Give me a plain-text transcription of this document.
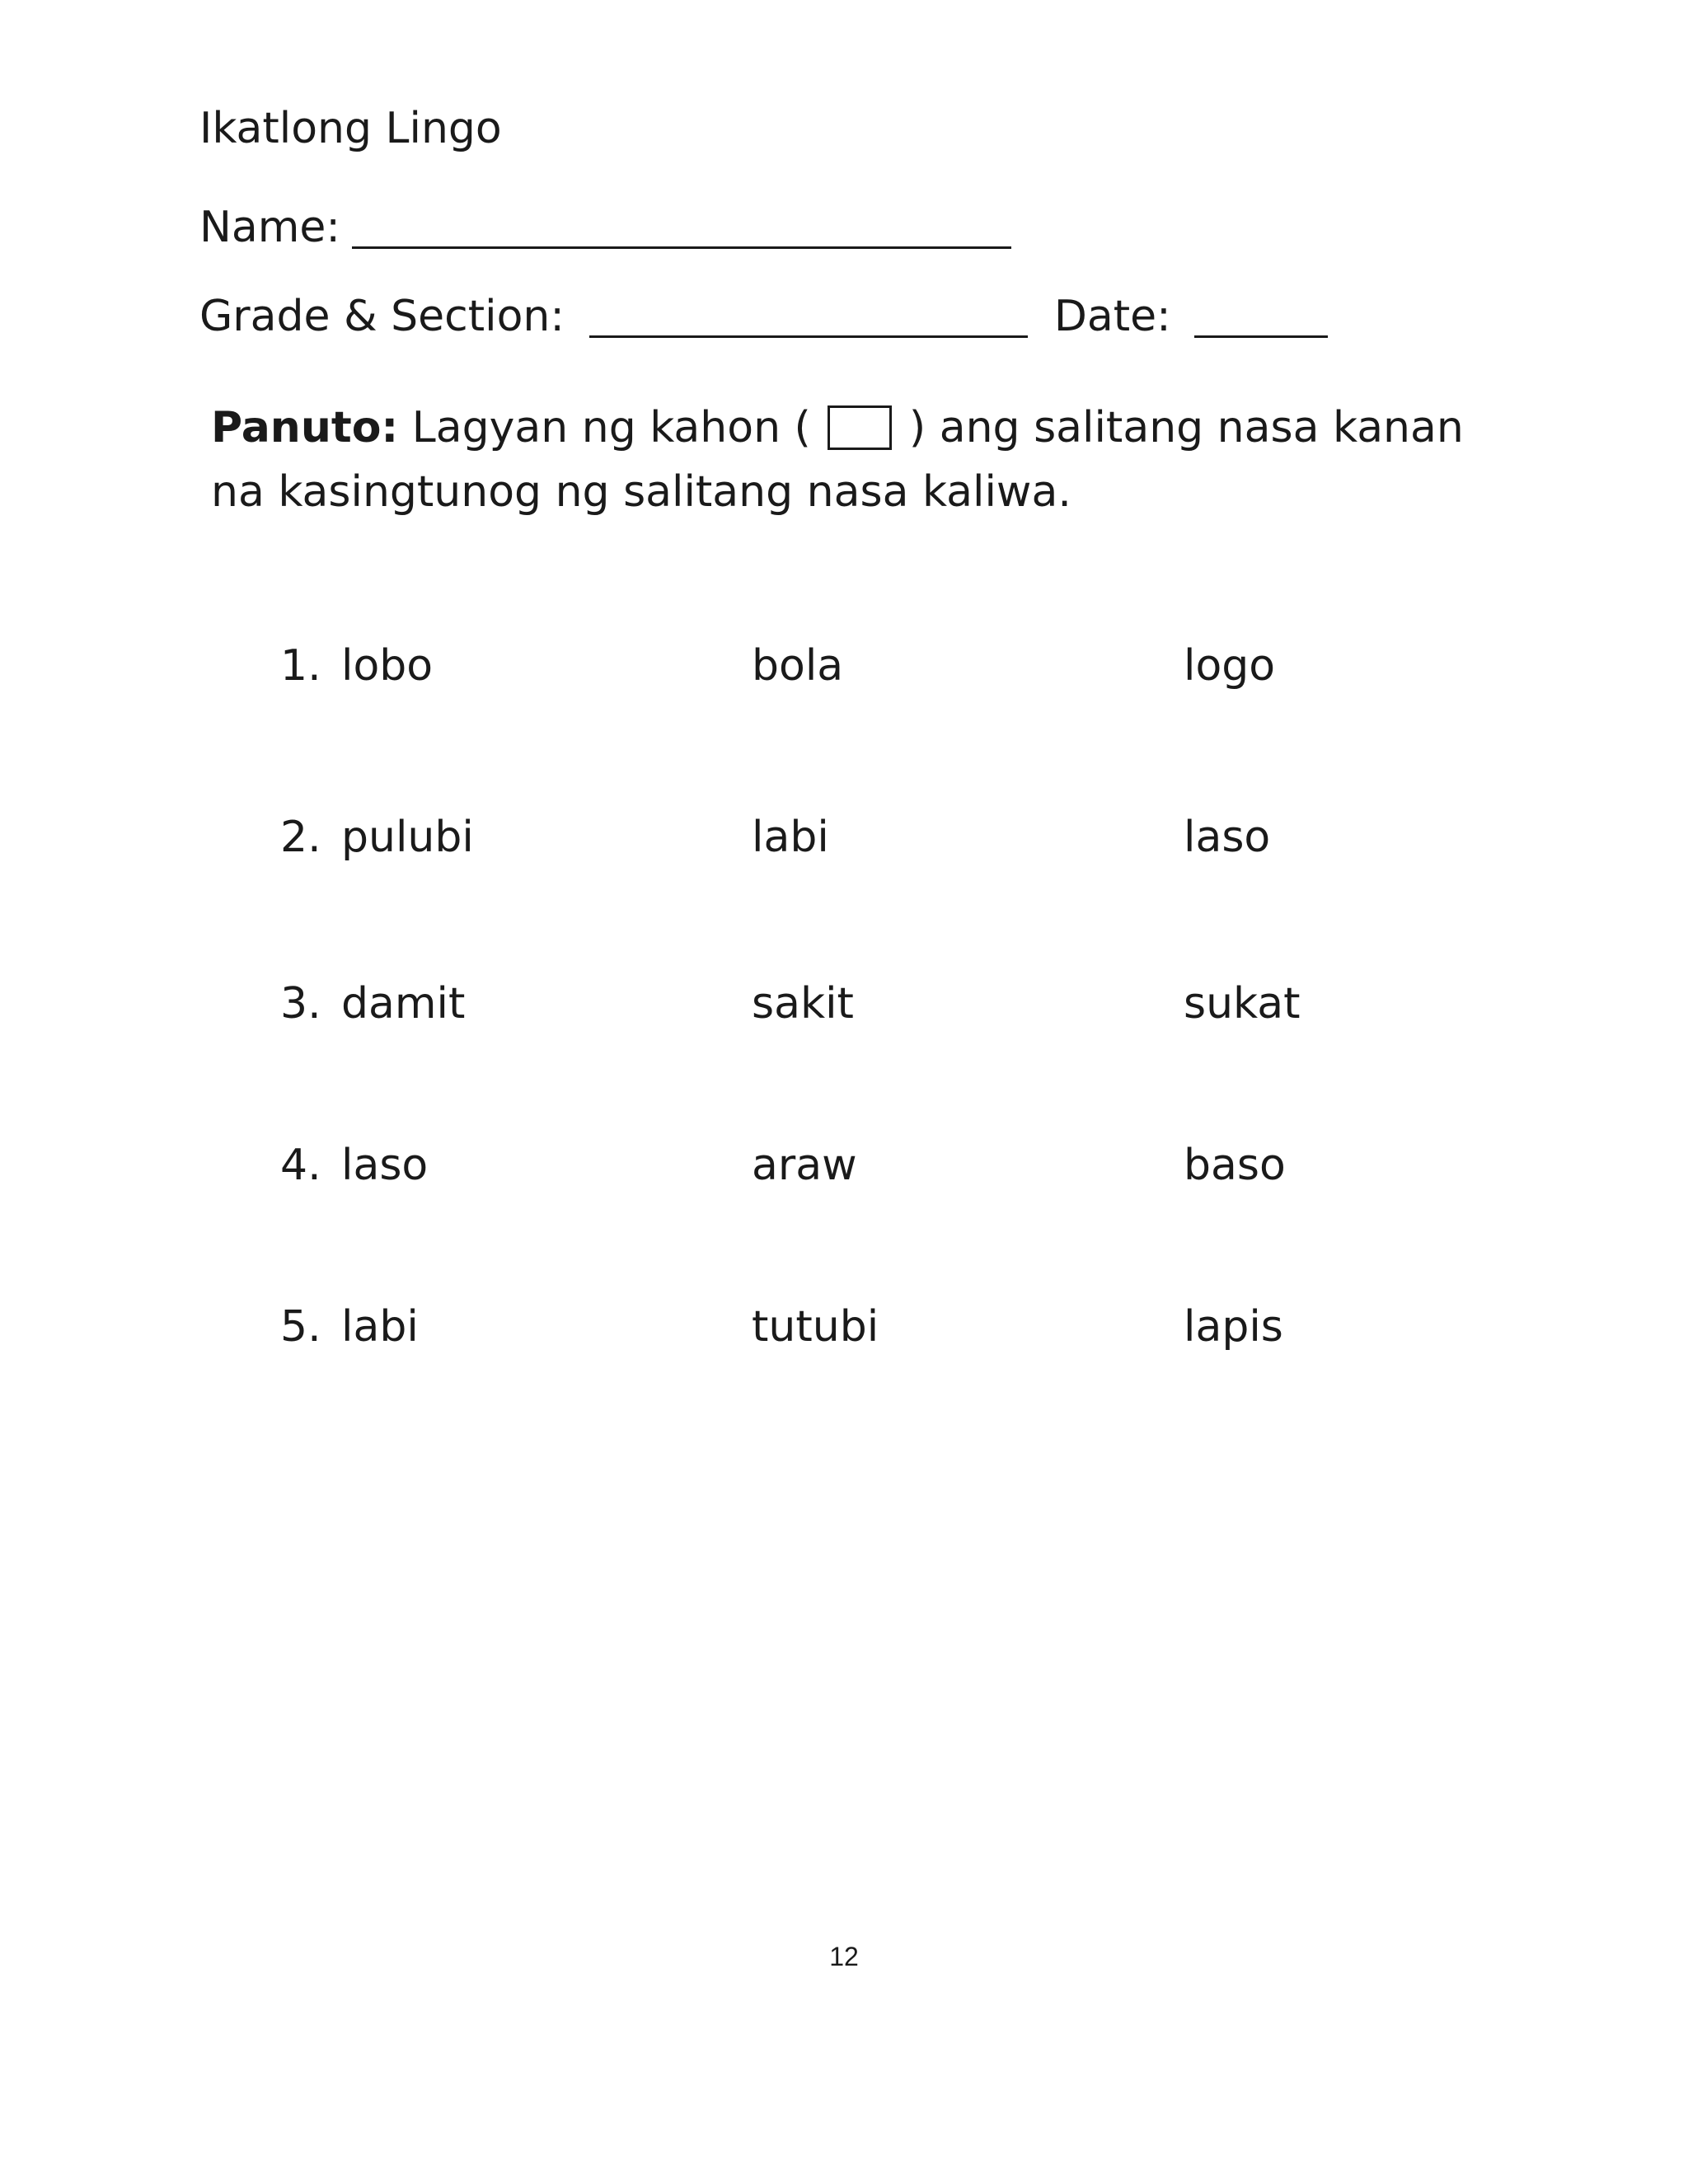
Ikatlong Lingo
Name:
Grade & Section:	Date:
Panuto: Lagyan ng kahon ( ) ang salitang nasa kanan na kasingtunog ng salitang nasa kaliwa.
1. lobo	bola	logo
2. pulubi	labi	laso
3. damit	sakit	sukat
4. laso	araw	baso
5. labi	tutubi	lapis
12
